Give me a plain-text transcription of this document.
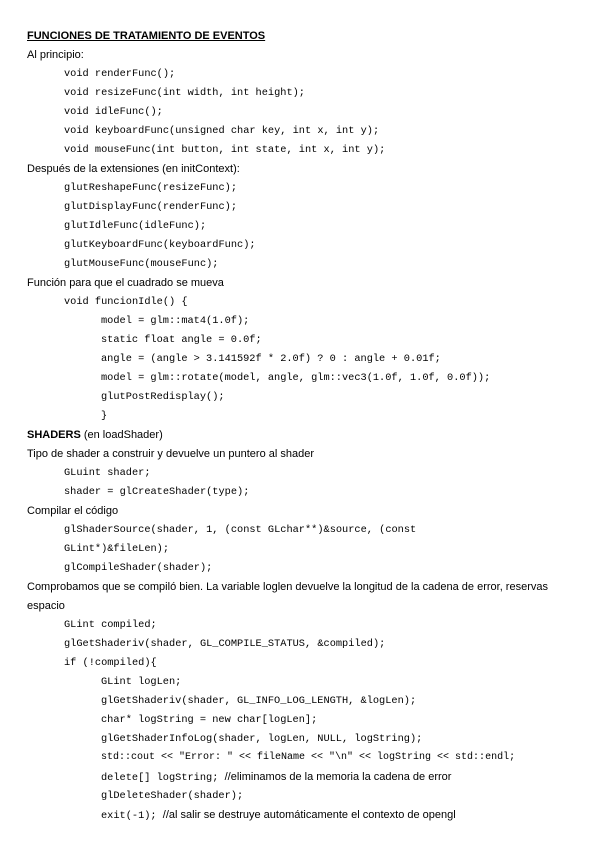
FUNCIONES DE TRATAMIENTO DE EVENTOS
Al principio:
void renderFunc();
void resizeFunc(int width, int height);
void idleFunc();
void keyboardFunc(unsigned char key, int x, int y);
void mouseFunc(int button, int state, int x, int y);
Después de la extensiones (en initContext):
glutReshapeFunc(resizeFunc);
glutDisplayFunc(renderFunc);
glutIdleFunc(idleFunc);
glutKeyboardFunc(keyboardFunc);
glutMouseFunc(mouseFunc);
Función para que el cuadrado se mueva
void funcionIdle() {
model = glm::mat4(1.0f);
static float angle = 0.0f;
angle = (angle > 3.141592f * 2.0f) ? 0 : angle + 0.01f;
model = glm::rotate(model, angle, glm::vec3(1.0f, 1.0f, 0.0f));
glutPostRedisplay();
}
SHADERS (en loadShader)
Tipo de shader a construir y devuelve un puntero al shader
GLuint shader;
shader = glCreateShader(type);
Compilar el código
glShaderSource(shader, 1, (const GLchar**)&source, (const
GLint*)&fileLen);
glCompileShader(shader);
Comprobamos que se compiló bien. La variable loglen devuelve la longitud de la cadena de error, reservas
espacio
GLint compiled;
glGetShaderiv(shader, GL_COMPILE_STATUS, &compiled);
if (!compiled){
GLint logLen;
glGetShaderiv(shader, GL_INFO_LOG_LENGTH, &logLen);
char* logString = new char[logLen];
glGetShaderInfoLog(shader, logLen, NULL, logString);
std::cout << "Error: " << fileName << "\n" << logString << std::endl;
delete[] logString; //eliminamos de la memoria la cadena de error
glDeleteShader(shader);
exit(-1); //al salir se destruye automáticamente el contexto de opengl
